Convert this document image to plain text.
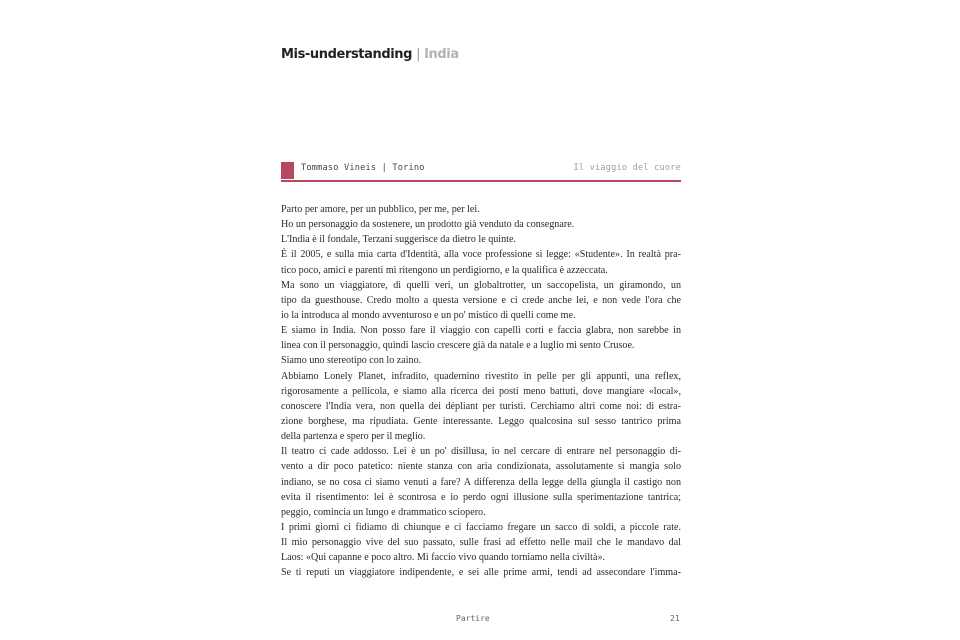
Mis-understanding | India
Tommaso Vineis | Torino	Il viaggio del cuore
Parto per amore, per un pubblico, per me, per lei.
Ho un personaggio da sostenere, un prodotto già venduto da consegnare.
L'India è il fondale, Terzani suggerisce da dietro le quinte.
È il 2005, e sulla mia carta d'Identità, alla voce professione si legge: «Studente». In realtà pra-
tico poco, amici e parenti mi ritengono un perdigiorno, e la qualifica è azzeccata.
Ma sono un viaggiatore, di quelli veri, un globaltrotter, un saccopelista, un giramondo, un
tipo da guesthouse. Credo molto a questa versione e ci crede anche lei, e non vede l'ora che
io la introduca al mondo avventuroso e un po' mistico di quelli come me.
E siamo in India. Non posso fare il viaggio con capelli corti e faccia glabra, non sarebbe in
linea con il personaggio, quindi lascio crescere già da natale e a luglio mi sento Crusoe.
Siamo uno stereotipo con lo zaino.
Abbiamo Lonely Planet, infradito, quadernino rivestito in pelle per gli appunti, una reflex,
rigorosamente a pellicola, e siamo alla ricerca dei posti meno battuti, dove mangiare «local»,
conoscere l'India vera, non quella dei dépliant per turisti. Cerchiamo altri come noi: di estra-
zione borghese, ma ripudiata. Gente interessante. Leggo qualcosina sul sesso tantrico prima
della partenza e spero per il meglio.
Il teatro ci cade addosso. Lei è un po' disillusa, io nel cercare di entrare nel personaggio di-
vento a dir poco patetico: niente stanza con aria condizionata, assolutamente si mangia solo
indiano, se no cosa ci siamo venuti a fare? A differenza della legge della giungla il castigo non
evita il risentimento: lei è scontrosa e io perdo ogni illusione sulla sperimentazione tantrica;
peggio, comincia un lungo e drammatico sciopero.
I primi giorni ci fidiamo di chiunque e ci facciamo fregare un sacco di soldi, a piccole rate.
Il mio personaggio vive del suo passato, sulle frasi ad effetto nelle mail che le mandavo dal
Laos: «Qui capanne e poco altro. Mi faccio vivo quando torniamo nella civiltà».
Se ti reputi un viaggiatore indipendente, e sei alle prime armi, tendi ad assecondare l'imma-
Partire	21
